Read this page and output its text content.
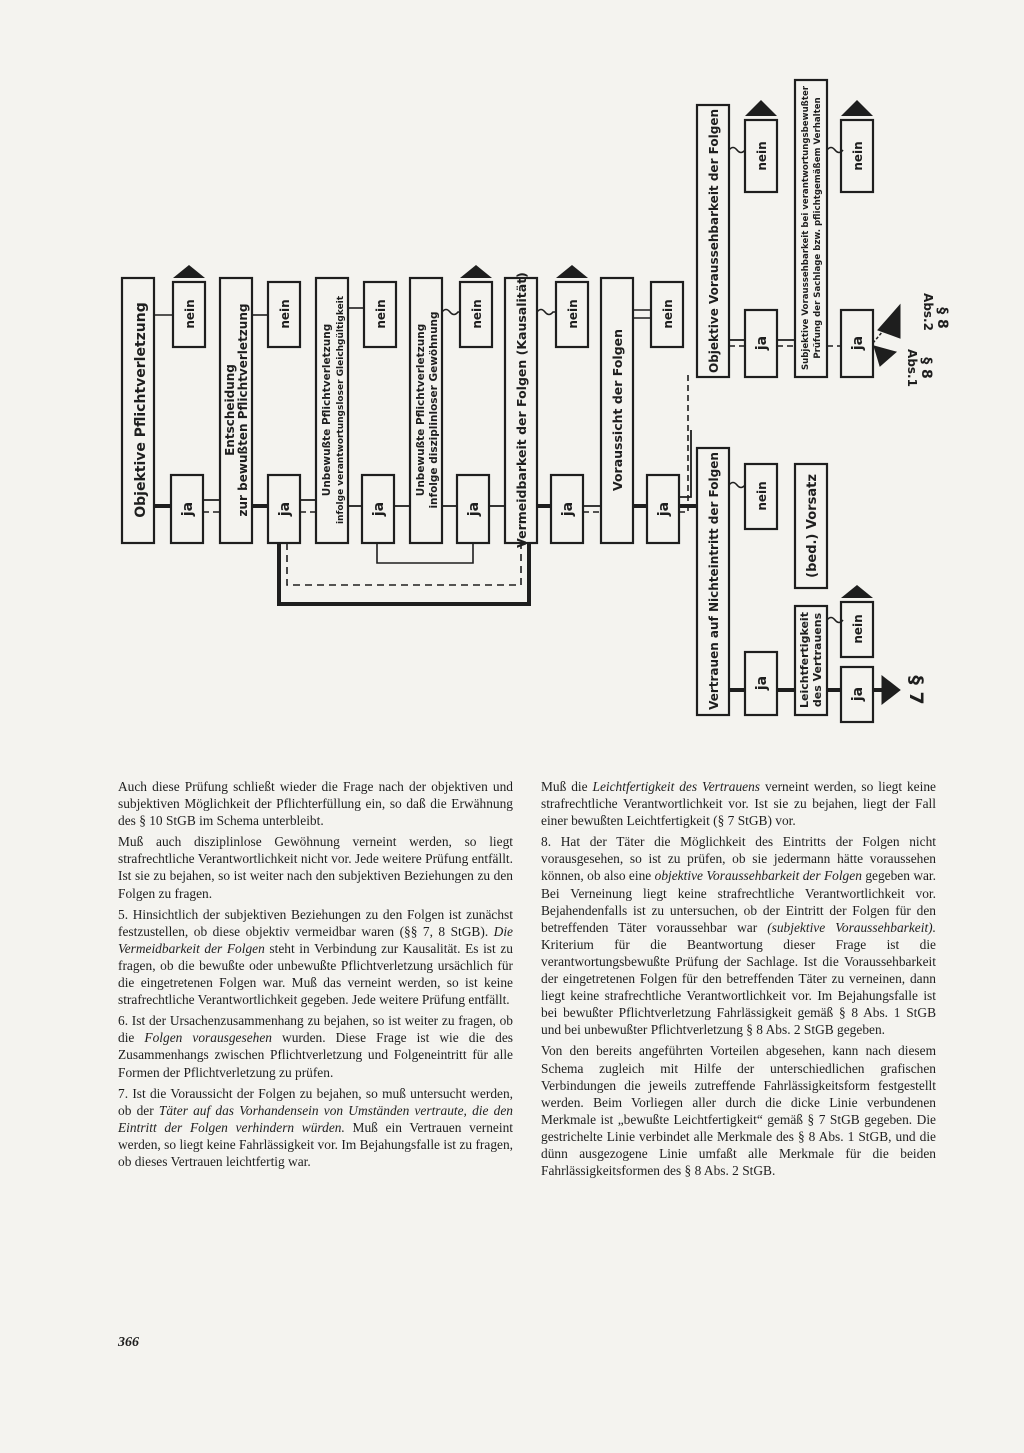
Objektive Pflichtverletzung	Entscheidung zur bewußten Pflichtverletzung	Unbewußte Pflichtverletzung infolge verantwortungsloser Gleichgültigkeit	Unbewußte Pflichtverletzung infolge disziplinloser Gewöhnung	Vermeidbarkeit der Folgen (Kausalität)	Voraussicht der Folgen
Objektive Voraussehbarkeit der Folgen	Subjektive Voraussehbarkeit bei verantwortungsbewußter Prüfung der Sachlage bzw. pflichtgemäßem Verhalten
Vertrauen auf Nichteintritt der Folgen	(bed.) Vorsatz
Leichtfertigkeit des Vertrauens
ja	ja	ja	ja	ja	ja
ja	ja
ja
ja
nein	nein	nein	nein	nein	nein
nein	nein
nein
nein
§ 8
Abs.1
§ 8
Abs.2
§ 7

Auch diese Prüfung schließt wieder die Frage nach der objektiven und subjektiven Möglichkeit der Pflichterfüllung ein, so daß die Erwähnung des § 10 StGB im Schema unterbleibt.

Muß auch disziplinlose Gewöhnung verneint werden, so liegt strafrechtliche Verantwortlichkeit nicht vor. Jede weitere Prüfung entfällt. Ist sie zu bejahen, so ist weiter nach den subjektiven Beziehungen zu den Folgen zu fragen.

5. Hinsichtlich der subjektiven Beziehungen zu den Folgen ist zunächst festzustellen, ob diese objektiv vermeidbar waren (§§ 7, 8 StGB). Die Vermeidbarkeit der Folgen steht in Verbindung zur Kausalität. Es ist zu fragen, ob die bewußte oder unbewußte Pflichtverletzung ursächlich für die eingetretenen Folgen war. Muß das verneint werden, so ist keine strafrechtliche Verantwortlichkeit gegeben. Jede weitere Prüfung entfällt.

6. Ist der Ursachenzusammenhang zu bejahen, so ist weiter zu fragen, ob die Folgen vorausgesehen wurden. Diese Frage ist wie die des Zusammenhangs zwischen Pflichtverletzung und Folgeneintritt für alle Formen der Pflichtverletzung zu prüfen.

7. Ist die Voraussicht der Folgen zu bejahen, so muß untersucht werden, ob der Täter auf das Vorhandensein von Umständen vertraute, die den Eintritt der Folgen verhindern würden. Muß ein Vertrauen verneint werden, so liegt keine Fahrlässigkeit vor. Im Bejahungsfalle ist zu fragen, ob dieses Vertrauen leichtfertig war.

Muß die Leichtfertigkeit des Vertrauens verneint werden, so liegt keine strafrechtliche Verantwortlichkeit vor. Ist sie zu bejahen, liegt der Fall einer bewußten Leichtfertigkeit (§ 7 StGB) vor.

8. Hat der Täter die Möglichkeit des Eintritts der Folgen nicht vorausgesehen, so ist zu prüfen, ob sie jedermann hätte voraussehen können, ob also eine objektive Voraussehbarkeit der Folgen gegeben war. Bei Verneinung liegt keine strafrechtliche Verantwortlichkeit vor. Bejahendenfalls ist zu untersuchen, ob der Eintritt der Folgen für den betreffenden Täter voraussehbar war (subjektive Voraussehbarkeit). Kriterium für die Beantwortung dieser Frage ist die verantwortungsbewußte Prüfung der Sachlage. Ist die Voraussehbarkeit der eingetretenen Folgen für den betreffenden Täter zu verneinen, dann liegt keine strafrechtliche Verantwortlichkeit vor. Im Bejahungsfalle ist bei bewußter Pflichtverletzung Fahrlässigkeit gemäß § 8 Abs. 1 StGB und bei unbewußter Pflichtverletzung § 8 Abs. 2 StGB gegeben.

Von den bereits angeführten Vorteilen abgesehen, kann nach diesem Schema zugleich mit Hilfe der unterschiedlichen grafischen Verbindungen die jeweils zutreffende Fahrlässigkeitsform festgestellt werden. Beim Vorliegen aller durch die dicke Linie verbundenen Merkmale ist „bewußte Leichtfertigkeit“ gemäß § 7 StGB gegeben. Die gestrichelte Linie verbindet alle Merkmale des § 8 Abs. 1 StGB, und die dünn ausgezogene Linie umfaßt alle Merkmale für die beiden Fahrlässigkeitsformen des § 8 Abs. 2 StGB.

366
